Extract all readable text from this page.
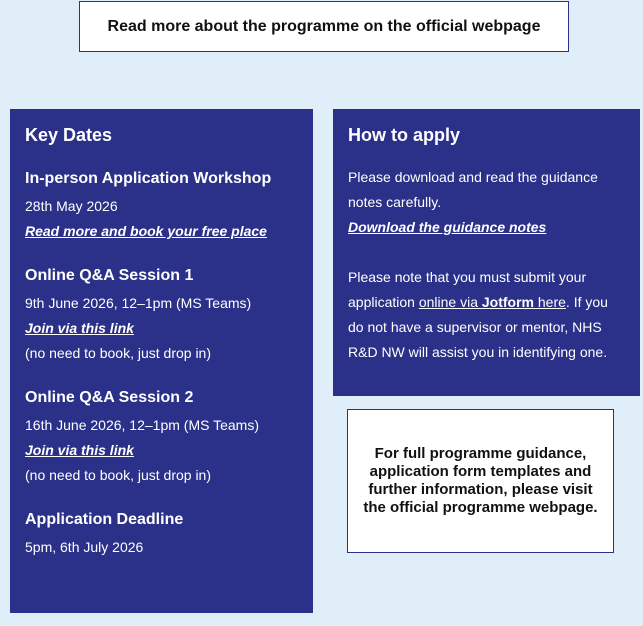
Read more about the programme on the official webpage
Key Dates
In-person Application Workshop
28th May 2026
Read more and book your free place
Online Q&A Session 1
9th June 2026, 12–1pm (MS Teams)
Join via this link
(no need to book, just drop in)
Online Q&A Session 2
16th June 2026, 12–1pm (MS Teams)
Join via this link
(no need to book, just drop in)
Application Deadline
5pm, 6th July 2026
How to apply
Please download and read the guidance notes carefully.
Download the guidance notes
Please note that you must submit your application online via Jotform here. If you do not have a supervisor or mentor, NHS R&D NW will assist you in identifying one.
For full programme guidance, application form templates and further information, please visit the official programme webpage.
